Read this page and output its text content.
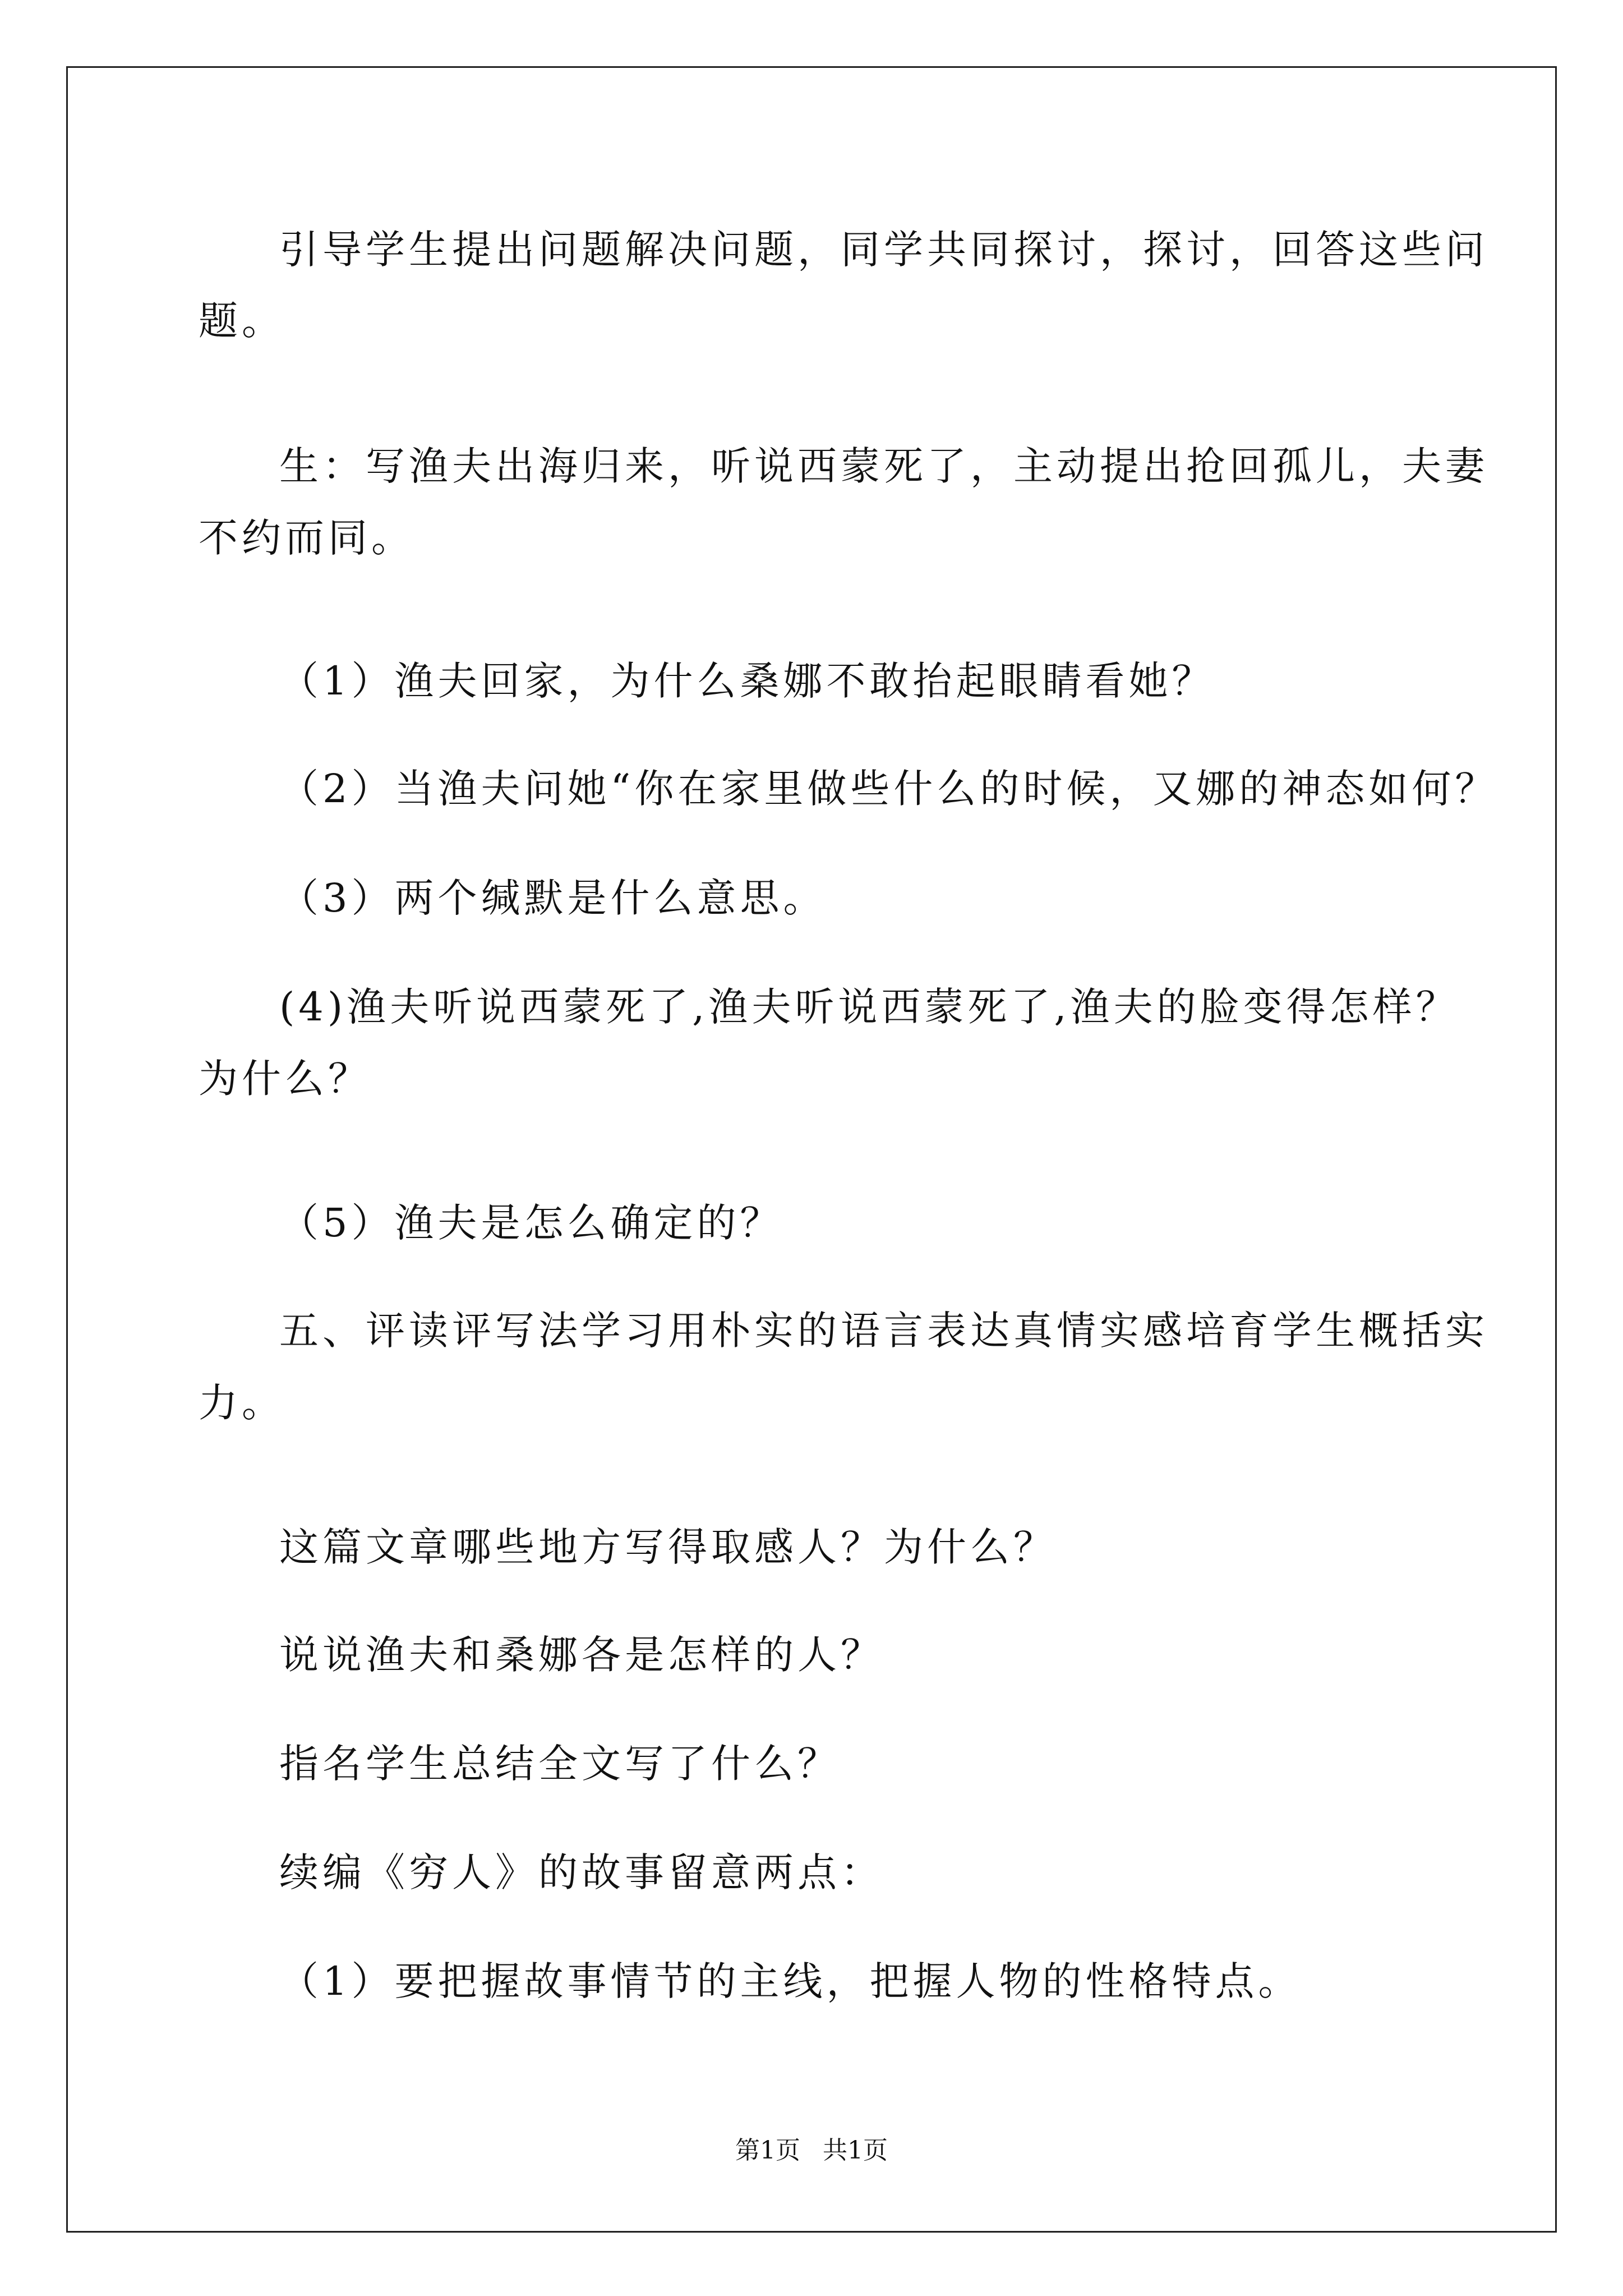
引导学生提出问题解决问题，同学共同探讨，探讨，回答这些问
题。
生：写渔夫出海归来，听说西蒙死了，主动提出抢回孤儿，夫妻
不约而同。
（1）渔夫回家，为什么桑娜不敢抬起眼睛看她？
（2）当渔夫问她“你在家里做些什么的时候，又娜的神态如何？
（3）两个缄默是什么意思。
(4)渔夫听说西蒙死了,渔夫听说西蒙死了,渔夫的脸变得怎样？
为什么？
（5）渔夫是怎么确定的？
五、评读评写法学习用朴实的语言表达真情实感培育学生概括实
力。
这篇文章哪些地方写得取感人？为什么？
说说渔夫和桑娜各是怎样的人？
指名学生总结全文写了什么？
续编《穷人》的故事留意两点：
（1）要把握故事情节的主线，把握人物的性格特点。
第1页 共1页
